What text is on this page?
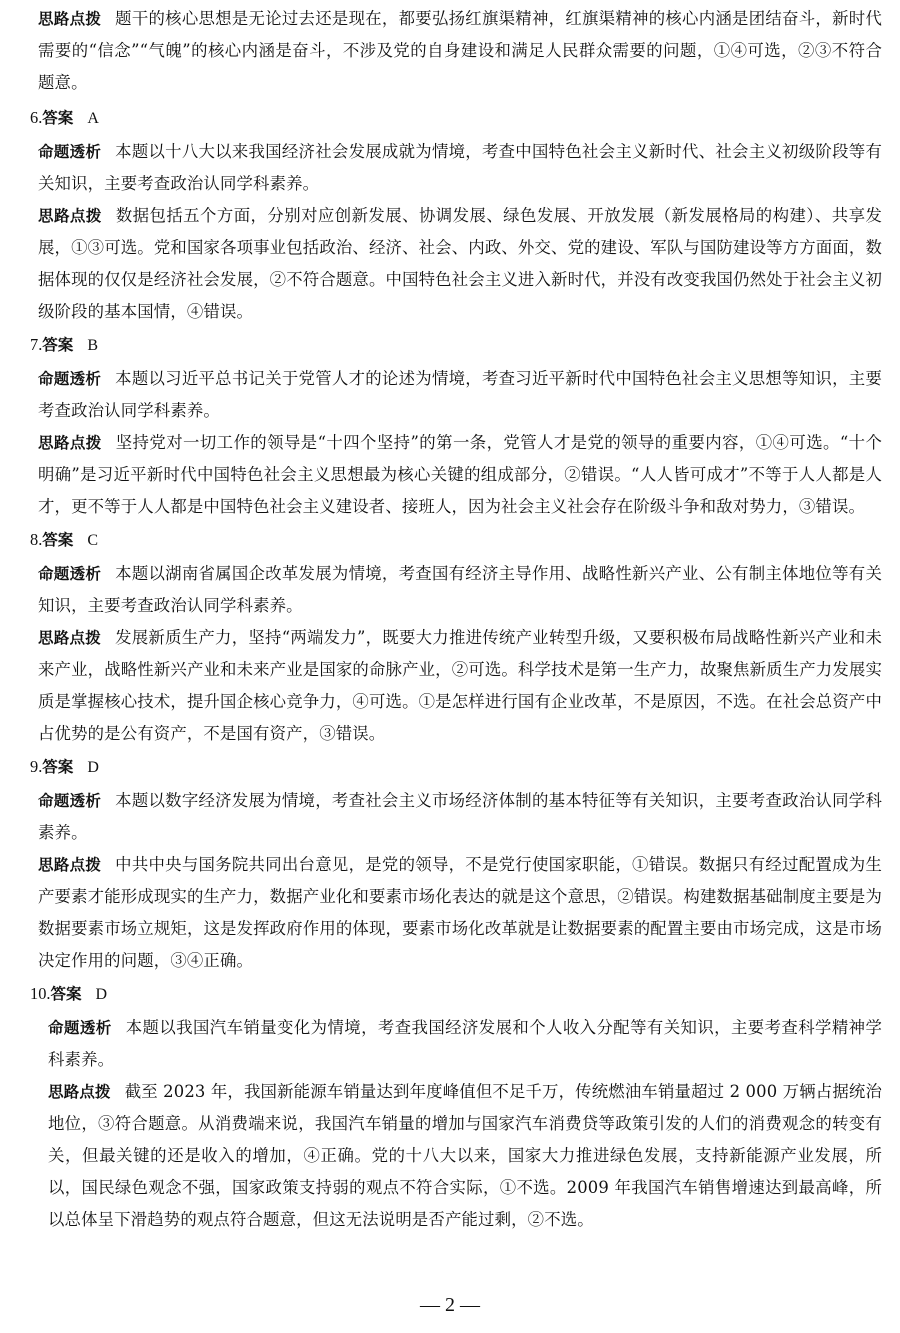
思路点拨 题干的核心思想是无论过去还是现在，都要弘扬红旗渠精神，红旗渠精神的核心内涵是团结奋斗，新时代需要的“信念”“气魄”的核心内涵是奋斗，不涉及党的自身建设和满足人民群众需要的问题，①④可选，②③不符合题意。

6.答案 A

命题透析 本题以十八大以来我国经济社会发展成就为情境，考查中国特色社会主义新时代、社会主义初级阶段等有关知识，主要考查政治认同学科素养。

思路点拨 数据包括五个方面，分别对应创新发展、协调发展、绿色发展、开放发展（新发展格局的构建）、共享发展，①③可选。党和国家各项事业包括政治、经济、社会、内政、外交、党的建设、军队与国防建设等方方面面，数据体现的仅仅是经济社会发展，②不符合题意。中国特色社会主义进入新时代，并没有改变我国仍然处于社会主义初级阶段的基本国情，④错误。

7.答案 B

命题透析 本题以习近平总书记关于党管人才的论述为情境，考查习近平新时代中国特色社会主义思想等知识，主要考查政治认同学科素养。

思路点拨 坚持党对一切工作的领导是“十四个坚持”的第一条，党管人才是党的领导的重要内容，①④可选。“十个明确”是习近平新时代中国特色社会主义思想最为核心关键的组成部分，②错误。“人人皆可成才”不等于人人都是人才，更不等于人人都是中国特色社会主义建设者、接班人，因为社会主义社会存在阶级斗争和敌对势力，③错误。

8.答案 C

命题透析 本题以湖南省属国企改革发展为情境，考查国有经济主导作用、战略性新兴产业、公有制主体地位等有关知识，主要考查政治认同学科素养。

思路点拨 发展新质生产力，坚持“两端发力”，既要大力推进传统产业转型升级，又要积极布局战略性新兴产业和未来产业，战略性新兴产业和未来产业是国家的命脉产业，②可选。科学技术是第一生产力，故聚焦新质生产力发展实质是掌握核心技术，提升国企核心竞争力，④可选。①是怎样进行国有企业改革，不是原因，不选。在社会总资产中占优势的是公有资产，不是国有资产，③错误。

9.答案 D

命题透析 本题以数字经济发展为情境，考查社会主义市场经济体制的基本特征等有关知识，主要考查政治认同学科素养。

思路点拨 中共中央与国务院共同出台意见，是党的领导，不是党行使国家职能，①错误。数据只有经过配置成为生产要素才能形成现实的生产力，数据产业化和要素市场化表达的就是这个意思，②错误。构建数据基础制度主要是为数据要素市场立规矩，这是发挥政府作用的体现，要素市场化改革就是让数据要素的配置主要由市场完成，这是市场决定作用的问题，③④正确。

10.答案 D

命题透析 本题以我国汽车销量变化为情境，考查我国经济发展和个人收入分配等有关知识，主要考查科学精神学科素养。

思路点拨 截至 2023 年，我国新能源车销量达到年度峰值但不足千万，传统燃油车销量超过 2 000 万辆占据统治地位，③符合题意。从消费端来说，我国汽车销量的增加与国家汽车消费贷等政策引发的人们的消费观念的转变有关，但最关键的还是收入的增加，④正确。党的十八大以来，国家大力推进绿色发展，支持新能源产业发展，所以，国民绿色观念不强，国家政策支持弱的观点不符合实际，①不选。2009 年我国汽车销售增速达到最高峰，所以总体呈下滑趋势的观点符合题意，但这无法说明是否产能过剩，②不选。

— 2 —
